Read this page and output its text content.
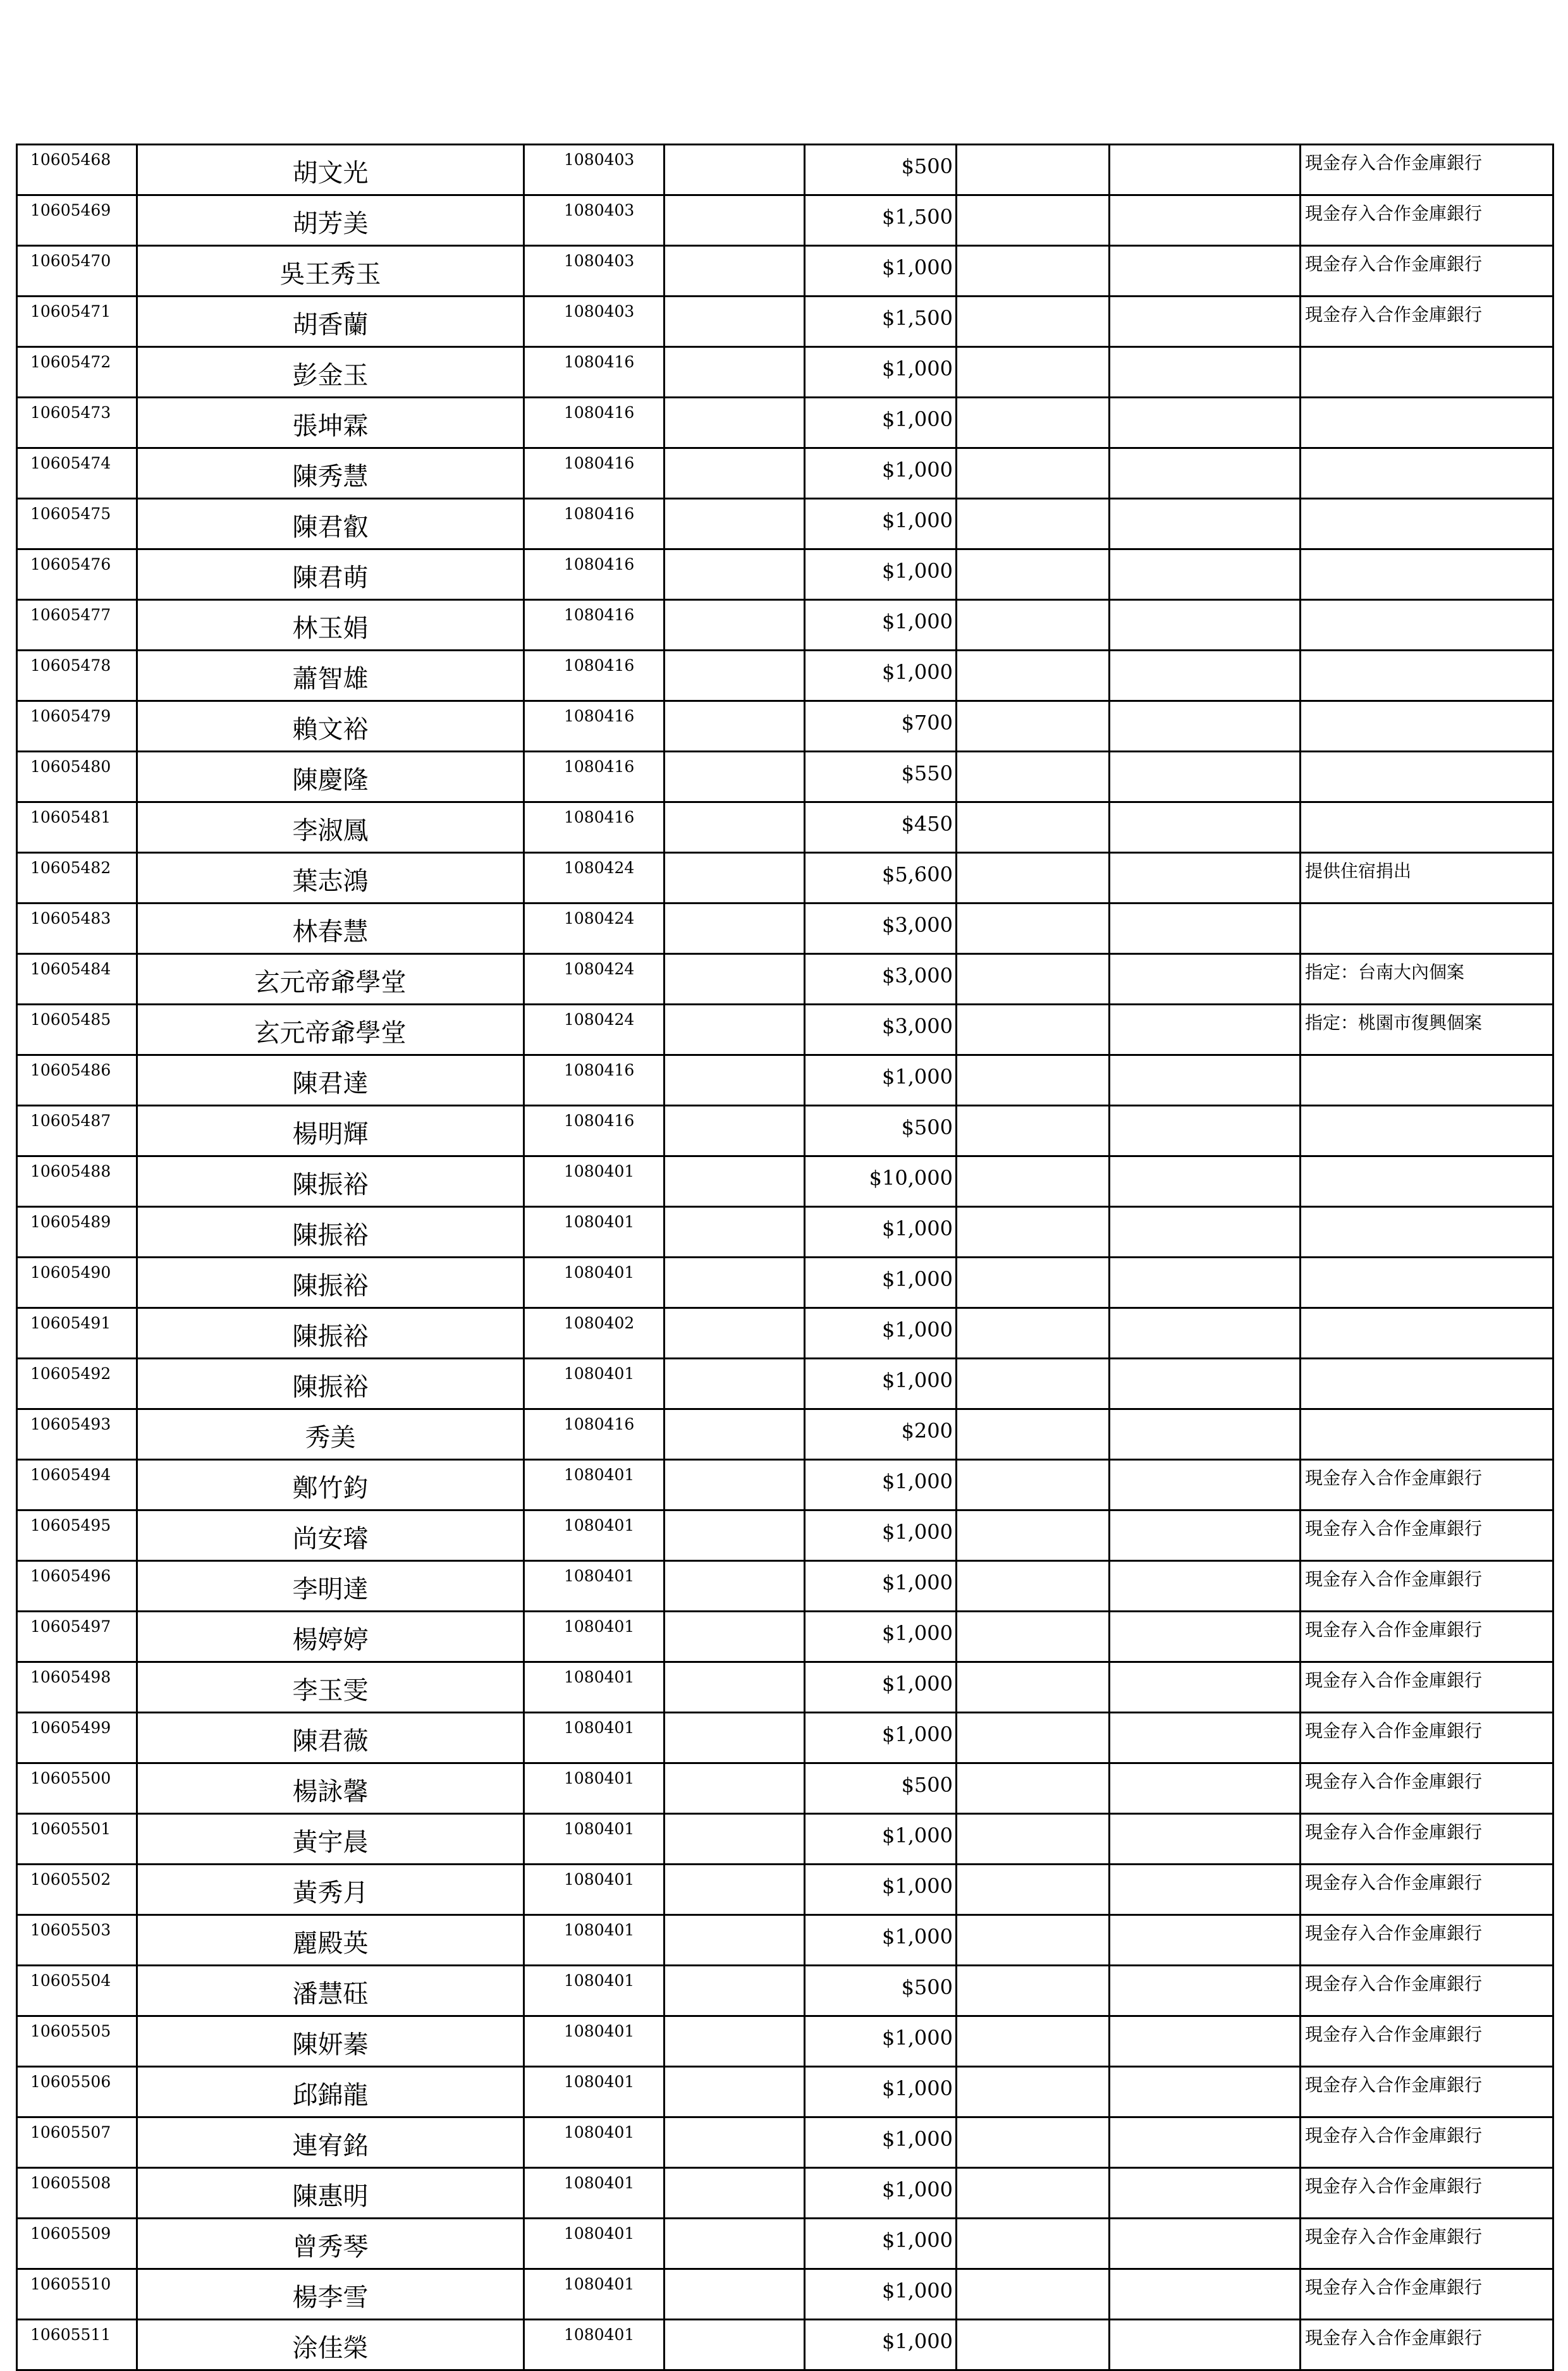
10605468	胡文光	1080403		$500			現金存入合作金庫銀行
10605469	胡芳美	1080403		$1,500			現金存入合作金庫銀行
10605470	吳王秀玉	1080403		$1,000			現金存入合作金庫銀行
10605471	胡香蘭	1080403		$1,500			現金存入合作金庫銀行
10605472	彭金玉	1080416		$1,000			
10605473	張坤霖	1080416		$1,000			
10605474	陳秀慧	1080416		$1,000			
10605475	陳君叡	1080416		$1,000			
10605476	陳君萌	1080416		$1,000			
10605477	林玉娟	1080416		$1,000			
10605478	蕭智雄	1080416		$1,000			
10605479	賴文裕	1080416		$700			
10605480	陳慶隆	1080416		$550			
10605481	李淑鳳	1080416		$450			
10605482	葉志鴻	1080424		$5,600			提供住宿捐出
10605483	林春慧	1080424		$3,000			
10605484	玄元帝爺學堂	1080424		$3,000			指定：台南大內個案
10605485	玄元帝爺學堂	1080424		$3,000			指定：桃園市復興個案
10605486	陳君達	1080416		$1,000			
10605487	楊明輝	1080416		$500			
10605488	陳振裕	1080401		$10,000			
10605489	陳振裕	1080401		$1,000			
10605490	陳振裕	1080401		$1,000			
10605491	陳振裕	1080402		$1,000			
10605492	陳振裕	1080401		$1,000			
10605493	秀美	1080416		$200			
10605494	鄭竹鈞	1080401		$1,000			現金存入合作金庫銀行
10605495	尚安璿	1080401		$1,000			現金存入合作金庫銀行
10605496	李明達	1080401		$1,000			現金存入合作金庫銀行
10605497	楊婷婷	1080401		$1,000			現金存入合作金庫銀行
10605498	李玉雯	1080401		$1,000			現金存入合作金庫銀行
10605499	陳君薇	1080401		$1,000			現金存入合作金庫銀行
10605500	楊詠馨	1080401		$500			現金存入合作金庫銀行
10605501	黃宇晨	1080401		$1,000			現金存入合作金庫銀行
10605502	黃秀月	1080401		$1,000			現金存入合作金庫銀行
10605503	麗殿英	1080401		$1,000			現金存入合作金庫銀行
10605504	潘慧砡	1080401		$500			現金存入合作金庫銀行
10605505	陳妍蓁	1080401		$1,000			現金存入合作金庫銀行
10605506	邱錦龍	1080401		$1,000			現金存入合作金庫銀行
10605507	連宥銘	1080401		$1,000			現金存入合作金庫銀行
10605508	陳惠明	1080401		$1,000			現金存入合作金庫銀行
10605509	曾秀琴	1080401		$1,000			現金存入合作金庫銀行
10605510	楊李雪	1080401		$1,000			現金存入合作金庫銀行
10605511	涂佳榮	1080401		$1,000			現金存入合作金庫銀行
